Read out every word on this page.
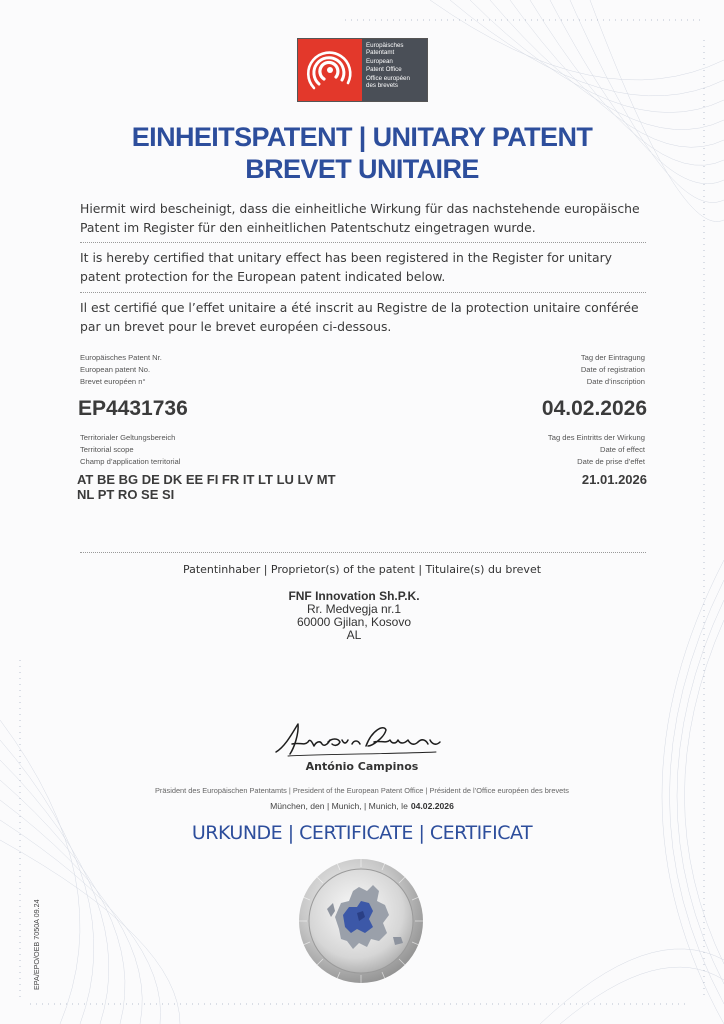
Europäisches
Patentamt
European
Patent Office
Office européen
des brevets
EINHEITSPATENT | UNITARY PATENT
BREVET UNITAIRE
Hiermit wird bescheinigt, dass die einheitliche Wirkung für das nachstehende europäische Patent im Register für den einheitlichen Patentschutz eingetragen wurde.
It is hereby certified that unitary effect has been registered in the Register for unitary patent protection for the European patent indicated below.
Il est certifié que l’effet unitaire a été inscrit au Registre de la protection unitaire conférée par un brevet pour le brevet européen ci-dessous.
Europäisches Patent Nr.
European patent No.
Brevet européen n°
Tag der Eintragung
Date of registration
Date d’inscription
EP4431736	04.02.2026
Territorialer Geltungsbereich
Territorial scope
Champ d’application territorial
Tag des Eintritts der Wirkung
Date of effect
Date de prise d’effet
AT BE BG DE DK EE FI FR IT LT LU LV MT
NL PT RO SE SI
21.01.2026
Patentinhaber | Proprietor(s) of the patent | Titulaire(s) du brevet
FNF Innovation Sh.P.K.
Rr. Medvegja nr.1
60000 Gjilan, Kosovo
AL
António Campinos
Präsident des Europäischen Patentamts | President of the European Patent Office | Président de l’Office européen des brevets
München, den | Munich, | Munich, le 04.02.2026
URKUNDE | CERTIFICATE | CERTIFICAT
EPA/EPO/OEB 7050A 09.24
